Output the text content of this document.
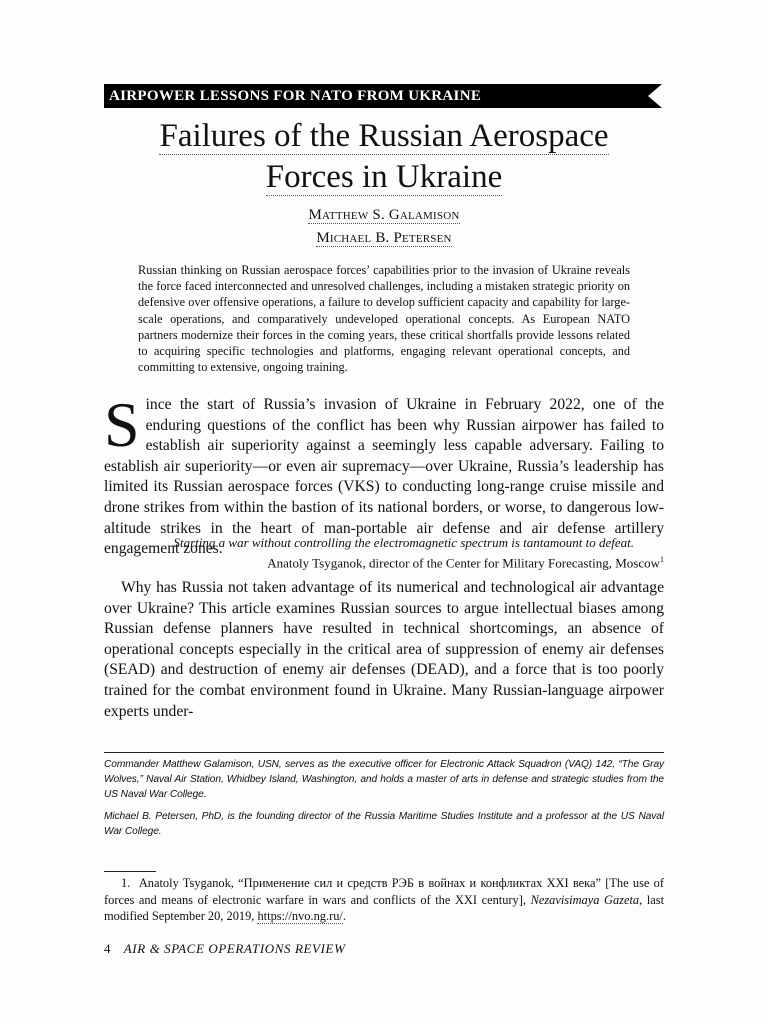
AIRPOWER LESSONS FOR NATO FROM UKRAINE
Failures of the Russian Aerospace
Forces in Ukraine
Matthew S. Galamison
Michael B. Petersen

Russian thinking on Russian aerospace forces’ capabilities prior to the invasion of Ukraine reveals the force faced interconnected and unresolved challenges, including a mistaken strategic priority on defensive over offensive operations, a failure to develop sufficient capacity and capability for large-scale operations, and comparatively undeveloped operational concepts. As European NATO partners modernize their forces in the coming years, these critical shortfalls provide lessons related to acquiring specific technologies and platforms, engaging relevant operational concepts, and committing to extensive, ongoing training.

Since the start of Russia’s invasion of Ukraine in February 2022, one of the enduring questions of the conflict has been why Russian airpower has failed to establish air superiority against a seemingly less capable adversary. Failing to establish air superiority—or even air supremacy—over Ukraine, Russia’s leadership has limited its Russian aerospace forces (VKS) to conducting long-range cruise missile and drone strikes from within the bastion of its national borders, or worse, to dangerous low-altitude strikes in the heart of man-portable air defense and air defense artillery engagement zones.

Starting a war without controlling the electromagnetic spectrum is tantamount to defeat.
Anatoly Tsyganok, director of the Center for Military Forecasting, Moscow$^1$

Why has Russia not taken advantage of its numerical and technological air advantage over Ukraine? This article examines Russian sources to argue intellectual biases among Russian defense planners have resulted in technical shortcomings, an absence of operational concepts especially in the critical area of suppression of enemy air defenses (SEAD) and destruction of enemy air defenses (DEAD), and a force that is too poorly trained for the combat environment found in Ukraine. Many Russian-language airpower experts under-

Commander Matthew Galamison, USN, serves as the executive officer for Electronic Attack Squadron (VAQ) 142, “The Gray Wolves,” Naval Air Station, Whidbey Island, Washington, and holds a master of arts in defense and strategic studies from the US Naval War College.

Michael B. Petersen, PhD, is the founding director of the Russia Maritime Studies Institute and a professor at the US Naval War College.

1. Anatoly Tsyganok, “Применение сил и средств РЭБ в войнах и конфликтах XXI века” [The use of forces and means of electronic warfare in wars and conflicts of the XXI century], Nezavisimaya Gazeta, last modified September 20, 2019, https://nvo.ng.ru/.

4 AIR & SPACE OPERATIONS REVIEW
